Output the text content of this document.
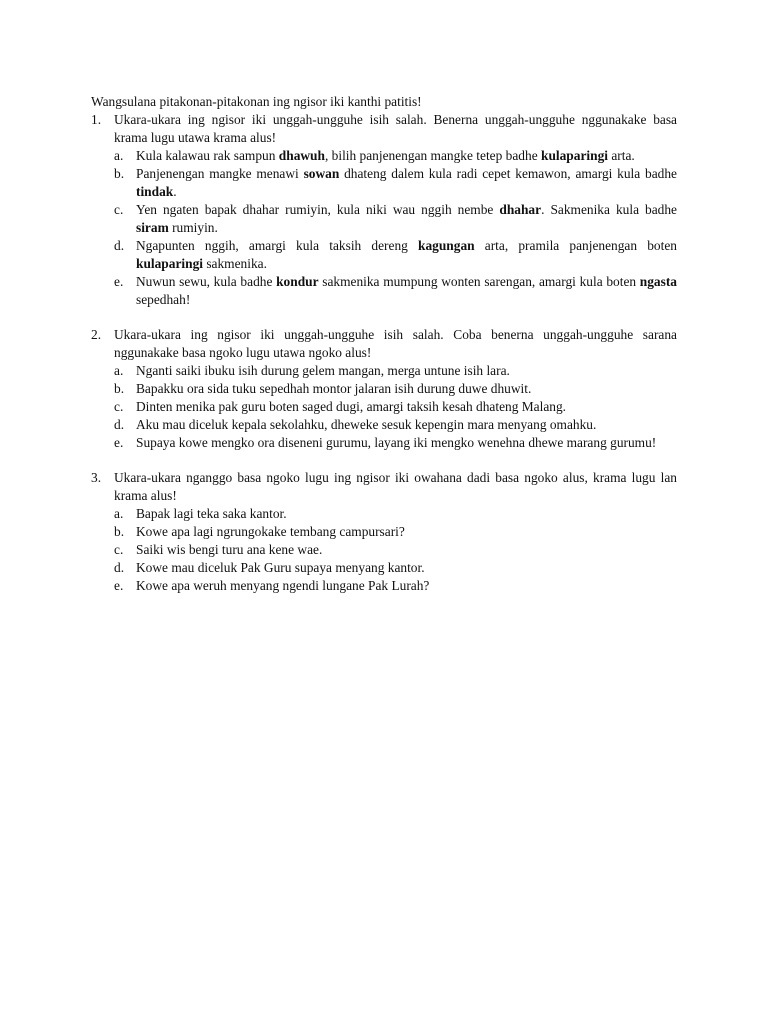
Wangsulana pitakonan-pitakonan ing ngisor iki kanthi patitis!

1. Ukara-ukara ing ngisor iki unggah-ungguhe isih salah. Benerna unggah-ungguhe nggunakake basa krama lugu utawa krama alus!
a. Kula kalawau rak sampun dhawuh, bilih panjenengan mangke tetep badhe kulaparingi arta.
b. Panjenengan mangke menawi sowan dhateng dalem kula radi cepet kemawon, amargi kula badhe tindak.
c. Yen ngaten bapak dhahar rumiyin, kula niki wau nggih nembe dhahar. Sakmenika kula badhe siram rumiyin.
d. Ngapunten nggih, amargi kula taksih dereng kagungan arta, pramila panjenengan boten kulaparingi sakmenika.
e. Nuwun sewu, kula badhe kondur sakmenika mumpung wonten sarengan, amargi kula boten ngasta sepedhah!
2. Ukara-ukara ing ngisor iki unggah-ungguhe isih salah. Coba benerna unggah-ungguhe sarana nggunakake basa ngoko lugu utawa ngoko alus!
a. Nganti saiki ibuku isih durung gelem mangan, merga untune isih lara.
b. Bapakku ora sida tuku sepedhah montor jalaran isih durung duwe dhuwit.
c. Dinten menika pak guru boten saged dugi, amargi taksih kesah dhateng Malang.
d. Aku mau diceluk kepala sekolahku, dheweke sesuk kepengin mara menyang omahku.
e. Supaya kowe mengko ora diseneni gurumu, layang iki mengko wenehna dhewe marang gurumu!
3. Ukara-ukara nganggo basa ngoko lugu ing ngisor iki owahana dadi basa ngoko alus, krama lugu lan krama alus!
a. Bapak lagi teka saka kantor.
b. Kowe apa lagi ngrungokake tembang campursari?
c. Saiki wis bengi turu ana kene wae.
d. Kowe mau diceluk Pak Guru supaya menyang kantor.
e. Kowe apa weruh menyang ngendi lungane Pak Lurah?
